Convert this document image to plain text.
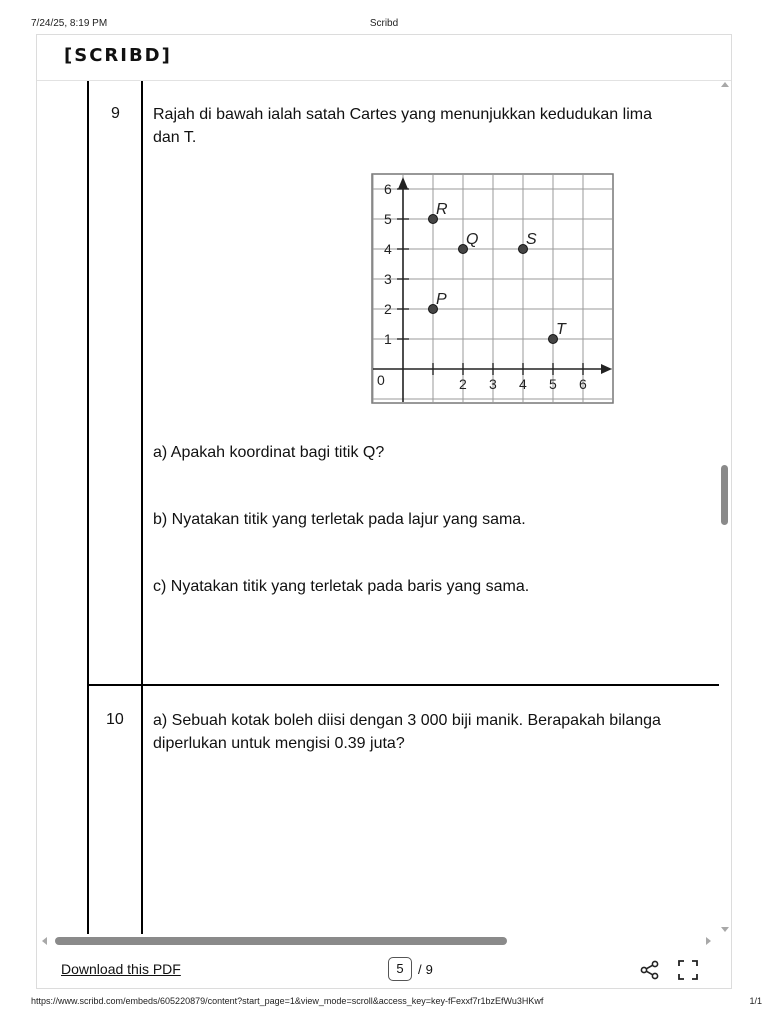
7/24/25, 8:19 PM	Scribd
[SCRIBD]
9 Rajah di bawah ialah satah Cartes yang menunjukkan kedudukan lima
dan T.
1
2
3
4
5
6
2 3 4 5 6
0
R
Q	S
P
T
a) Apakah koordinat bagi titik Q?
b) Nyatakan titik yang terletak pada lajur yang sama.
c) Nyatakan titik yang terletak pada baris yang sama.
10 a) Sebuah kotak boleh diisi dengan 3 000 biji manik. Berapakah bilanga
diperlukan untuk mengisi 0.39 juta?
Download this PDF	5	/ 9
https://www.scribd.com/embeds/605220879/content?start_page=1&view_mode=scroll&access_key=key-fFexxf7r1bzEfWu3HKwf	1/1
